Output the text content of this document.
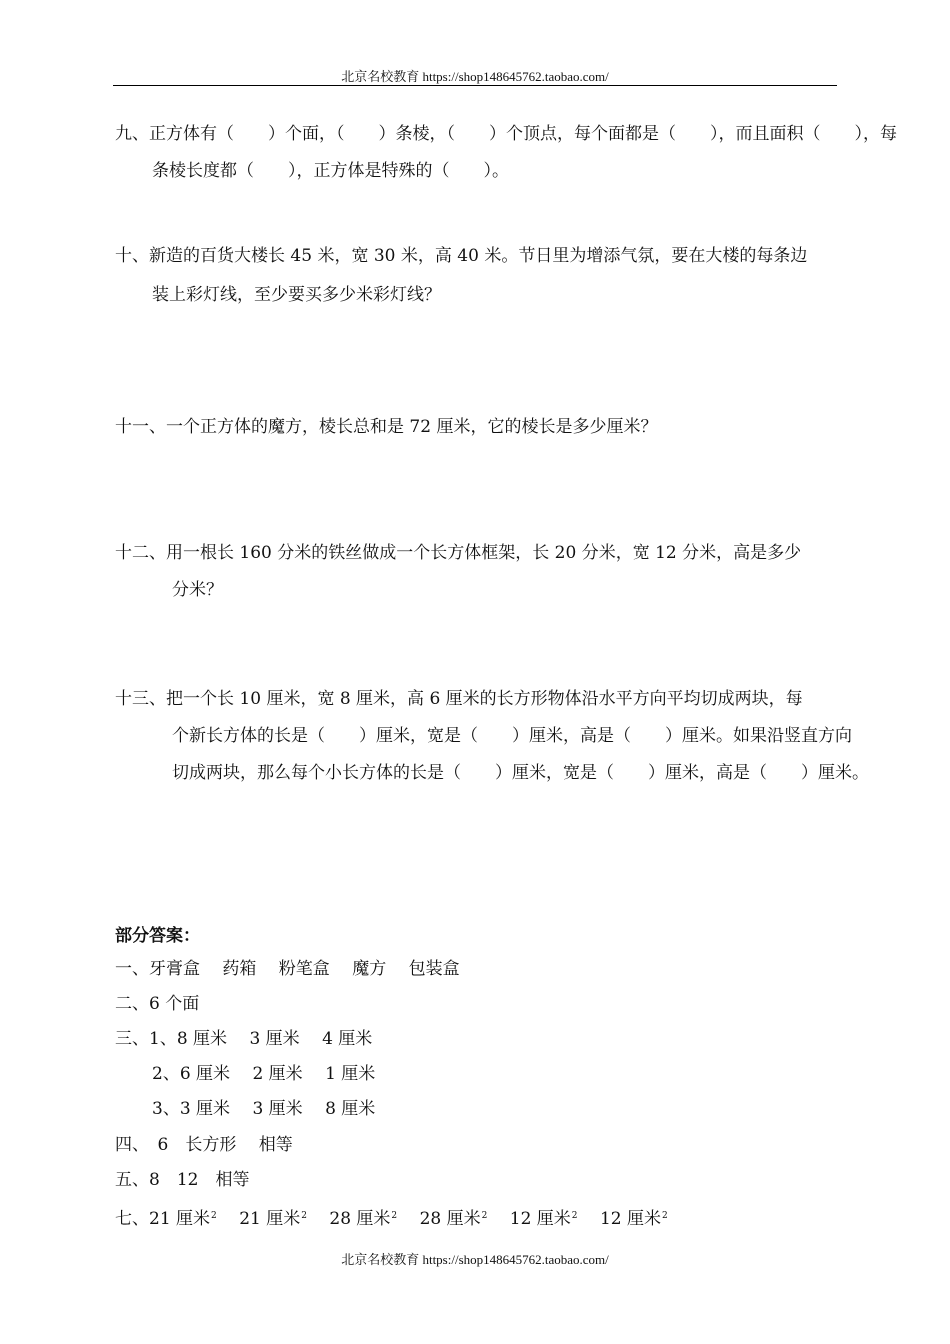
北京名校教育 https://shop148645762.taobao.com/
九、正方体有（　　）个面，（　　）条棱，（　　）个顶点，每个面都是（　　），而且面积（　　），每
条棱长度都（　　），正方体是特殊的（　　）。
十、新造的百货大楼长 45 米，宽 30 米，高 40 米。节日里为增添气氛，要在大楼的每条边
装上彩灯线，至少要买多少米彩灯线？
十一、一个正方体的魔方，棱长总和是 72 厘米，它的棱长是多少厘米？
十二、用一根长 160 分米的铁丝做成一个长方体框架，长 20 分米，宽 12 分米，高是多少
分米？
十三、把一个长 10 厘米，宽 8 厘米，高 6 厘米的长方形物体沿水平方向平均切成两块，每
个新长方体的长是（　　）厘米，宽是（　　）厘米，高是（　　）厘米。如果沿竖直方向
切成两块，那么每个小长方体的长是（　　）厘米，宽是（　　）厘米，高是（　　）厘米。
部分答案：
一、牙膏盒　 药箱　 粉笔盒　 魔方　 包装盒
二、6 个面
三、1、8 厘米　 3 厘米　 4 厘米
2、6 厘米　 2 厘米　 1 厘米
3、3 厘米　 3 厘米　 8 厘米
四、　6　长方形　 相等
五、8　12　相等
七、21 厘米$^2$　 21 厘米$^2$　 28 厘米$^2$　 28 厘米$^2$　 12 厘米$^2$　 12 厘米$^2$
北京名校教育 https://shop148645762.taobao.com/
